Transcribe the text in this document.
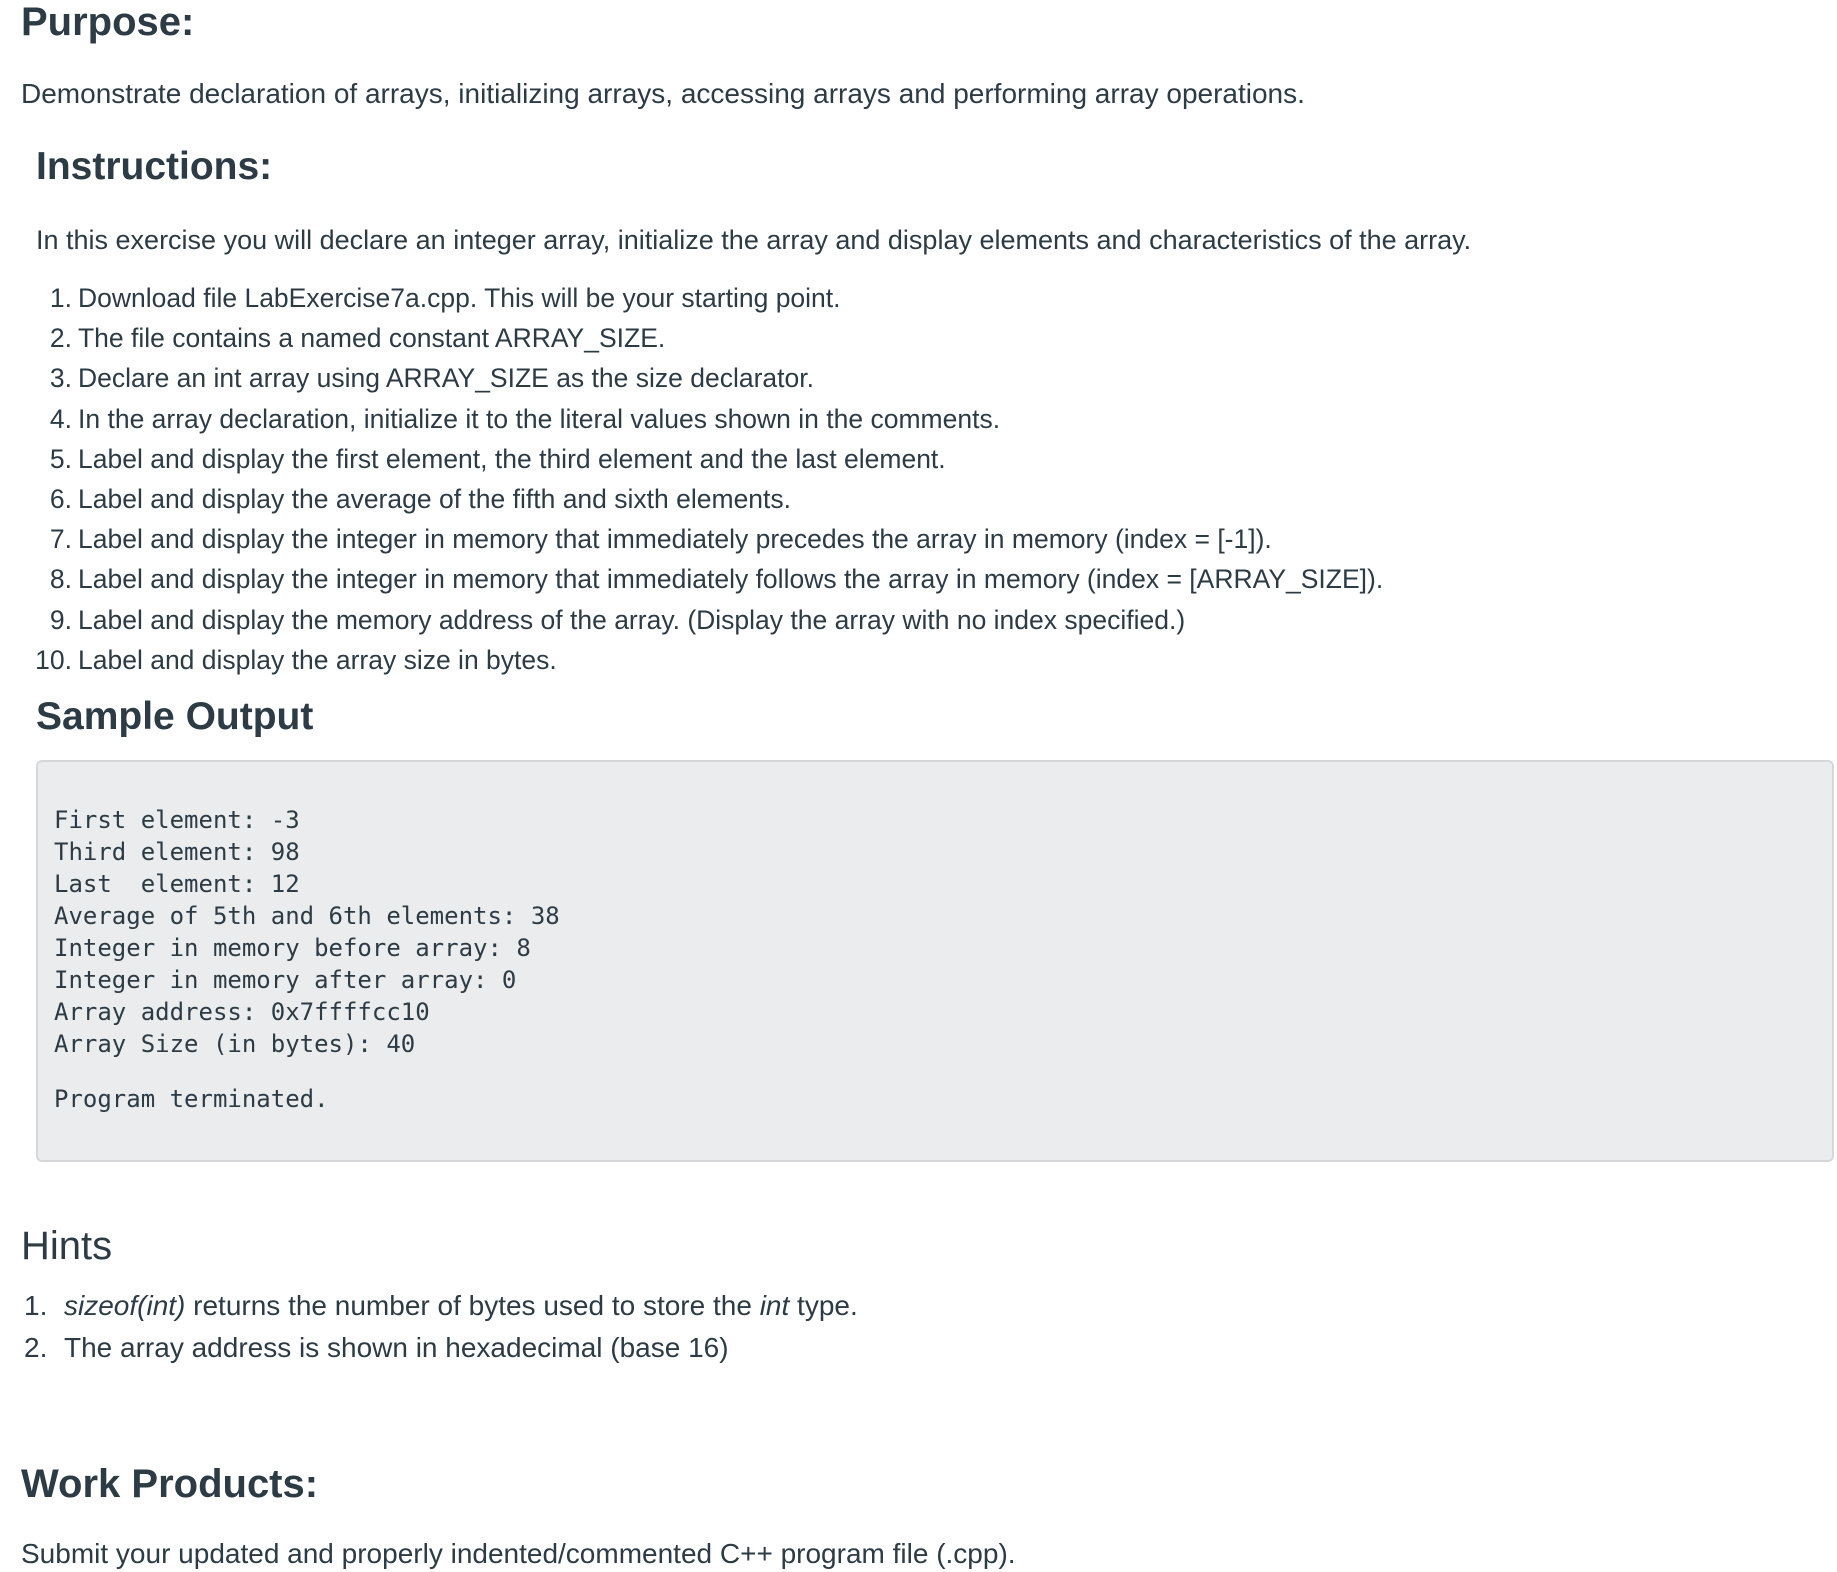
Purpose:

Demonstrate declaration of arrays, initializing arrays, accessing arrays and performing array operations.

Instructions:

In this exercise you will declare an integer array, initialize the array and display elements and characteristics of the array.

1. Download file LabExercise7a.cpp. This will be your starting point.
2. The file contains a named constant ARRAY_SIZE.
3. Declare an int array using ARRAY_SIZE as the size declarator.
4. In the array declaration, initialize it to the literal values shown in the comments.
5. Label and display the first element, the third element and the last element.
6. Label and display the average of the fifth and sixth elements.
7. Label and display the integer in memory that immediately precedes the array in memory (index = [-1]).
8. Label and display the integer in memory that immediately follows the array in memory (index = [ARRAY_SIZE]).
9. Label and display the memory address of the array. (Display the array with no index specified.)
10. Label and display the array size in bytes.
Sample Output
First element: -3
Third element: 98
Last  element: 12
Average of 5th and 6th elements: 38
Integer in memory before array: 8
Integer in memory after array: 0
Array address: 0x7ffffcc10
Array Size (in bytes): 40
Program terminated.
Hints
1. sizeof(int) returns the number of bytes used to store the int type.
2. The array address is shown in hexadecimal (base 16)
Work Products:

Submit your updated and properly indented/commented C++ program file (.cpp).
